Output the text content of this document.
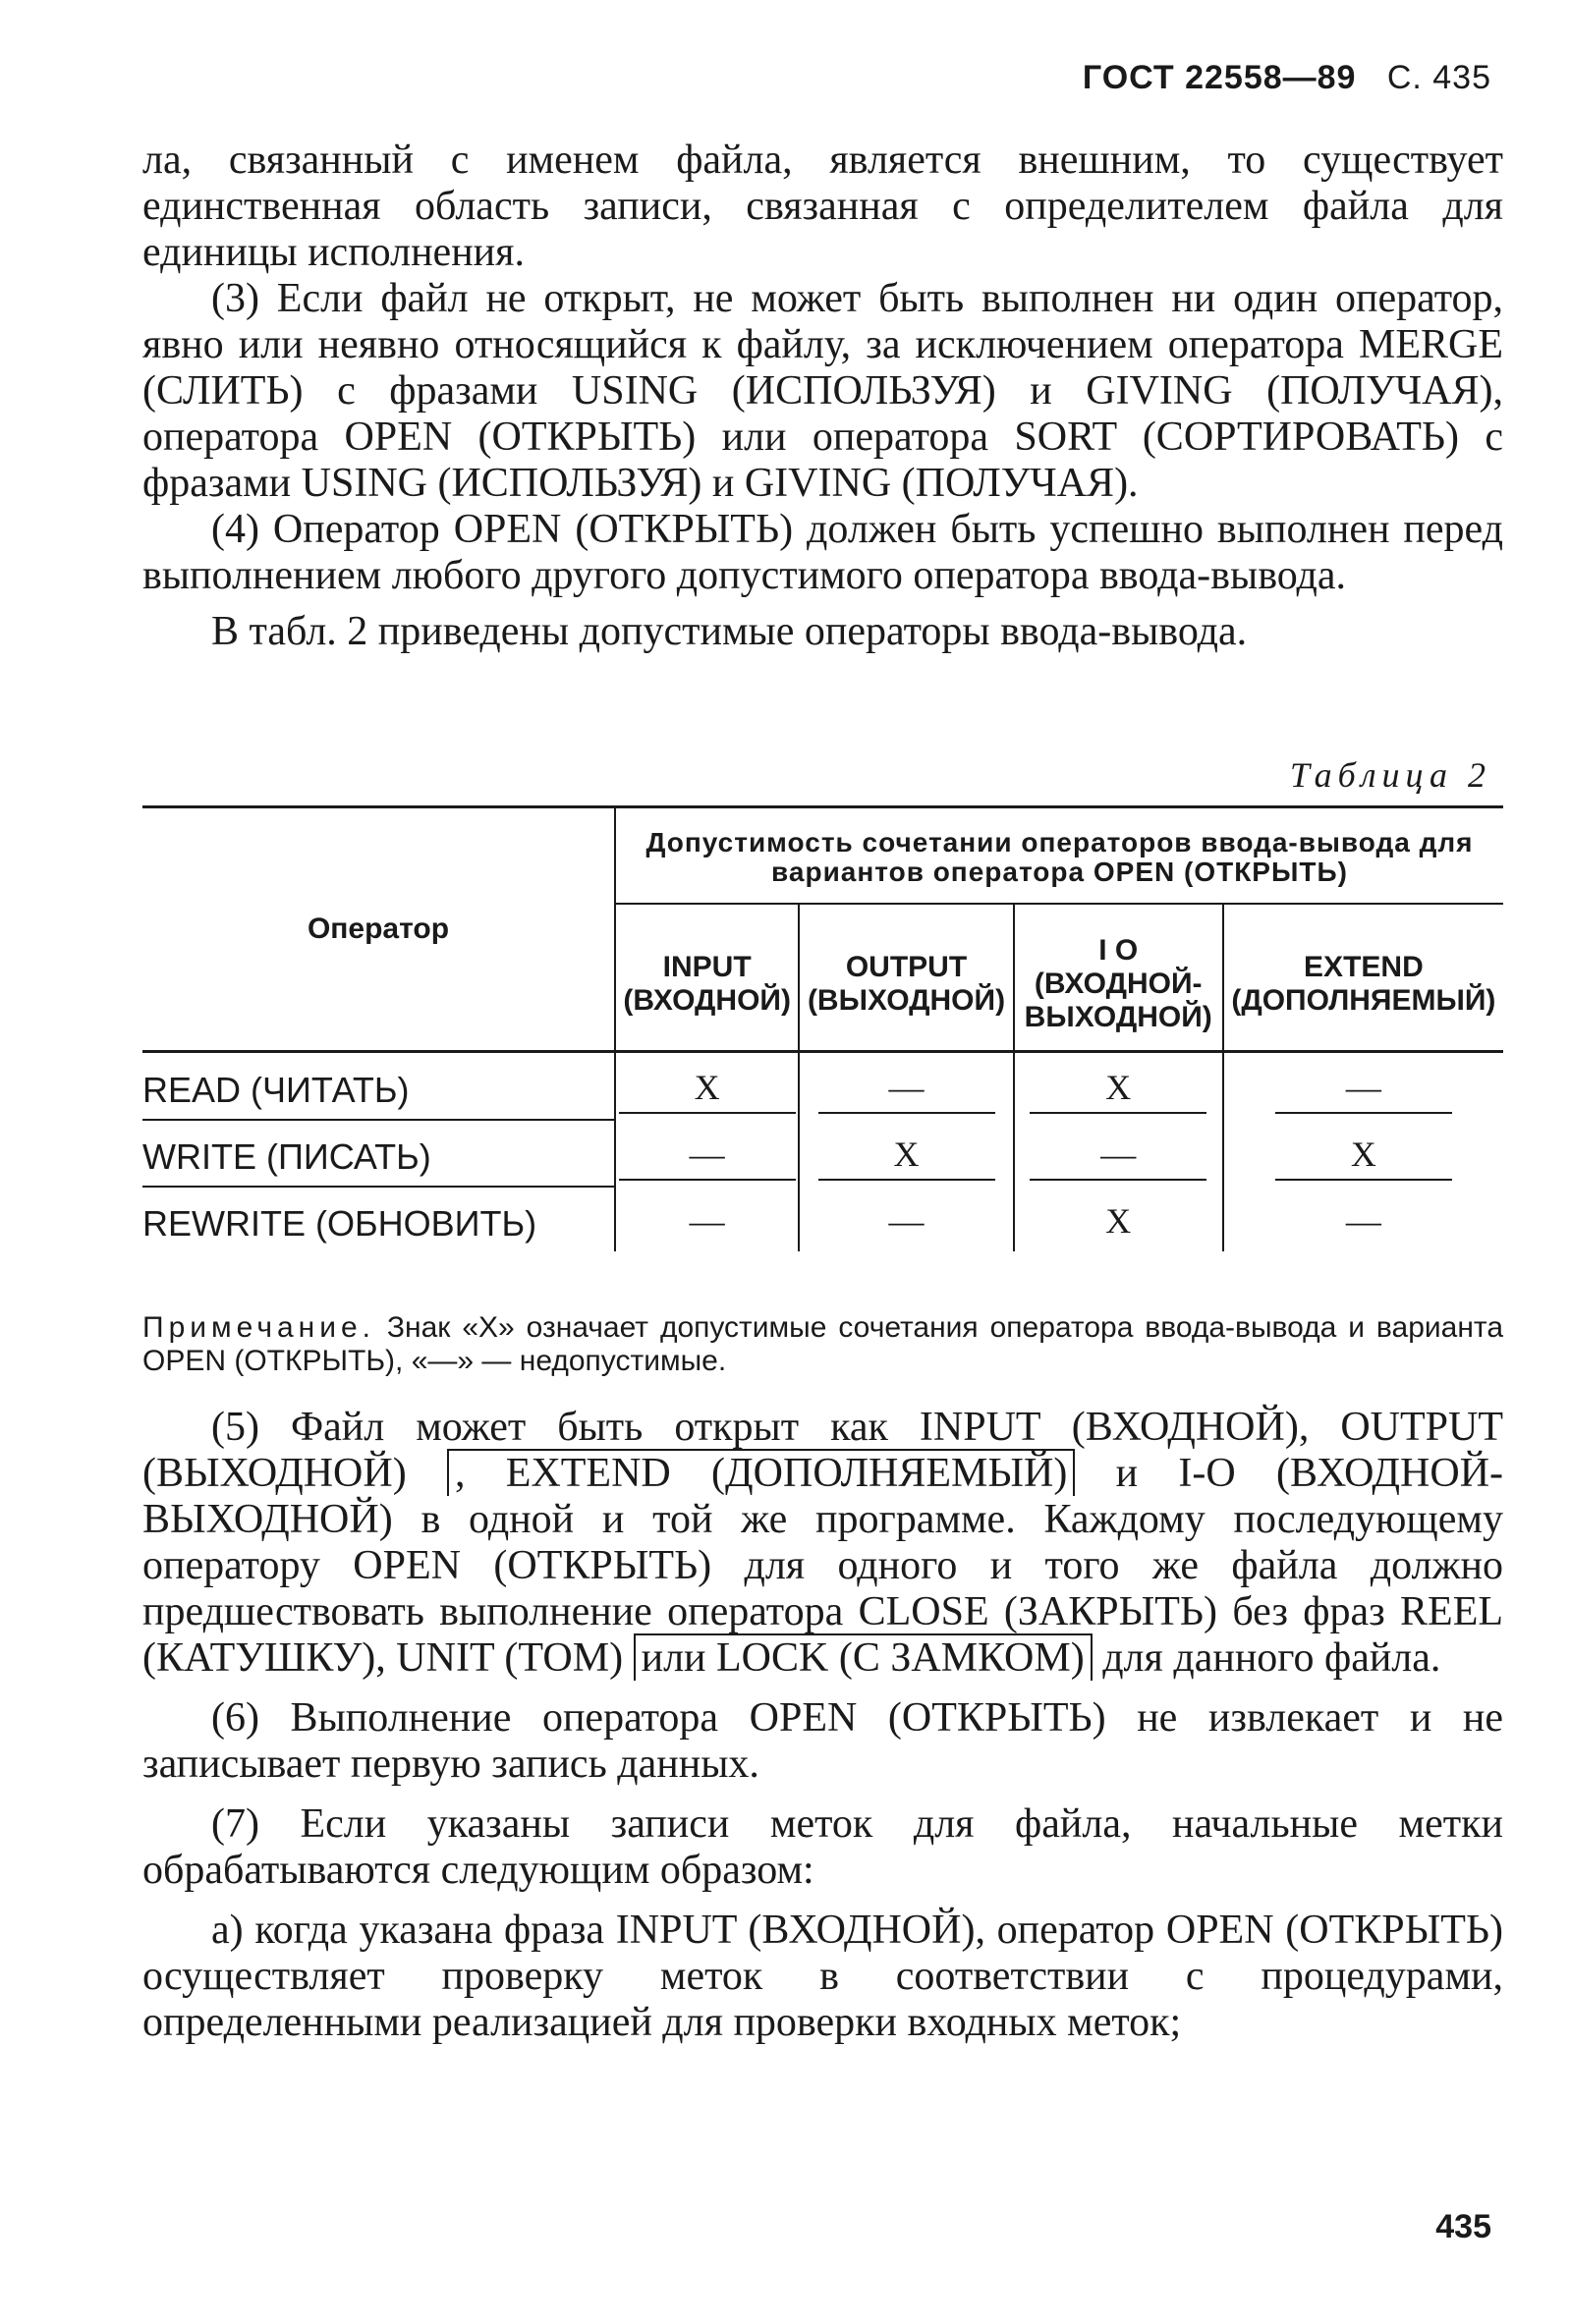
ГОСТ 22558—89 С. 435

ла, связанный с именем файла, является внешним, то существует единственная область записи, связанная с определителем файла для единицы исполнения.

(3) Если файл не открыт, не может быть выполнен ни один оператор, явно или неявно относящийся к файлу, за исключением оператора MERGE (СЛИТЬ) с фразами USING (ИСПОЛЬЗУЯ) и GIVING (ПОЛУЧАЯ), оператора OPEN (ОТКРЫТЬ) или оператора SORT (СОРТИРОВАТЬ) с фразами USING (ИСПОЛЬЗУЯ) и GIVING (ПОЛУЧАЯ).

(4) Оператор OPEN (ОТКРЫТЬ) должен быть успешно выполнен перед выполнением любого другого допустимого оператора ввода-вывода.

В табл. 2 приведены допустимые операторы ввода-вывода.

Таблица 2
Оператор	Допустимость сочетании операторов ввода-вывода для вариантов оператора OPEN (ОТКРЫТЬ)			
	INPUT (ВХОДНОЙ)	OUTPUT (ВЫХОДНОЙ)	I O (ВХОДНОЙ-ВЫХОДНОЙ)	EXTEND (ДОПОЛНЯЕМЫЙ)
READ (ЧИТАТЬ)	X	—	X	—
WRITE (ПИСАТЬ)	—	X	—	X
REWRITE (ОБНОВИТЬ)	—	—	X	—
Примечание. Знак «X» означает допустимые сочетания оператора ввода-вывода и варианта OPEN (ОТКРЫТЬ), «—» — недопустимые.

(5) Файл может быть открыт как INPUT (ВХОДНОЙ), OUTPUT (ВЫХОДНОЙ) , EXTEND (ДОПОЛНЯЕМЫЙ) и I-O (ВХОДНОЙ-ВЫХОДНОЙ) в одной и той же программе. Каждому последующему оператору OPEN (ОТКРЫТЬ) для одного и того же файла должно предшествовать выполнение оператора CLOSE (ЗАКРЫТЬ) без фраз REEL (КАТУШКУ), UNIT (ТОМ) или LOCK (С ЗАМКОМ) для данного файла.

(6) Выполнение оператора OPEN (ОТКРЫТЬ) не извлекает и не записывает первую запись данных.

(7) Если указаны записи меток для файла, начальные метки обрабатываются следующим образом:

а) когда указана фраза INPUT (ВХОДНОЙ), оператор OPEN (ОТКРЫТЬ) осуществляет проверку меток в соответствии с процедурами, определенными реализацией для проверки входных меток;

435
